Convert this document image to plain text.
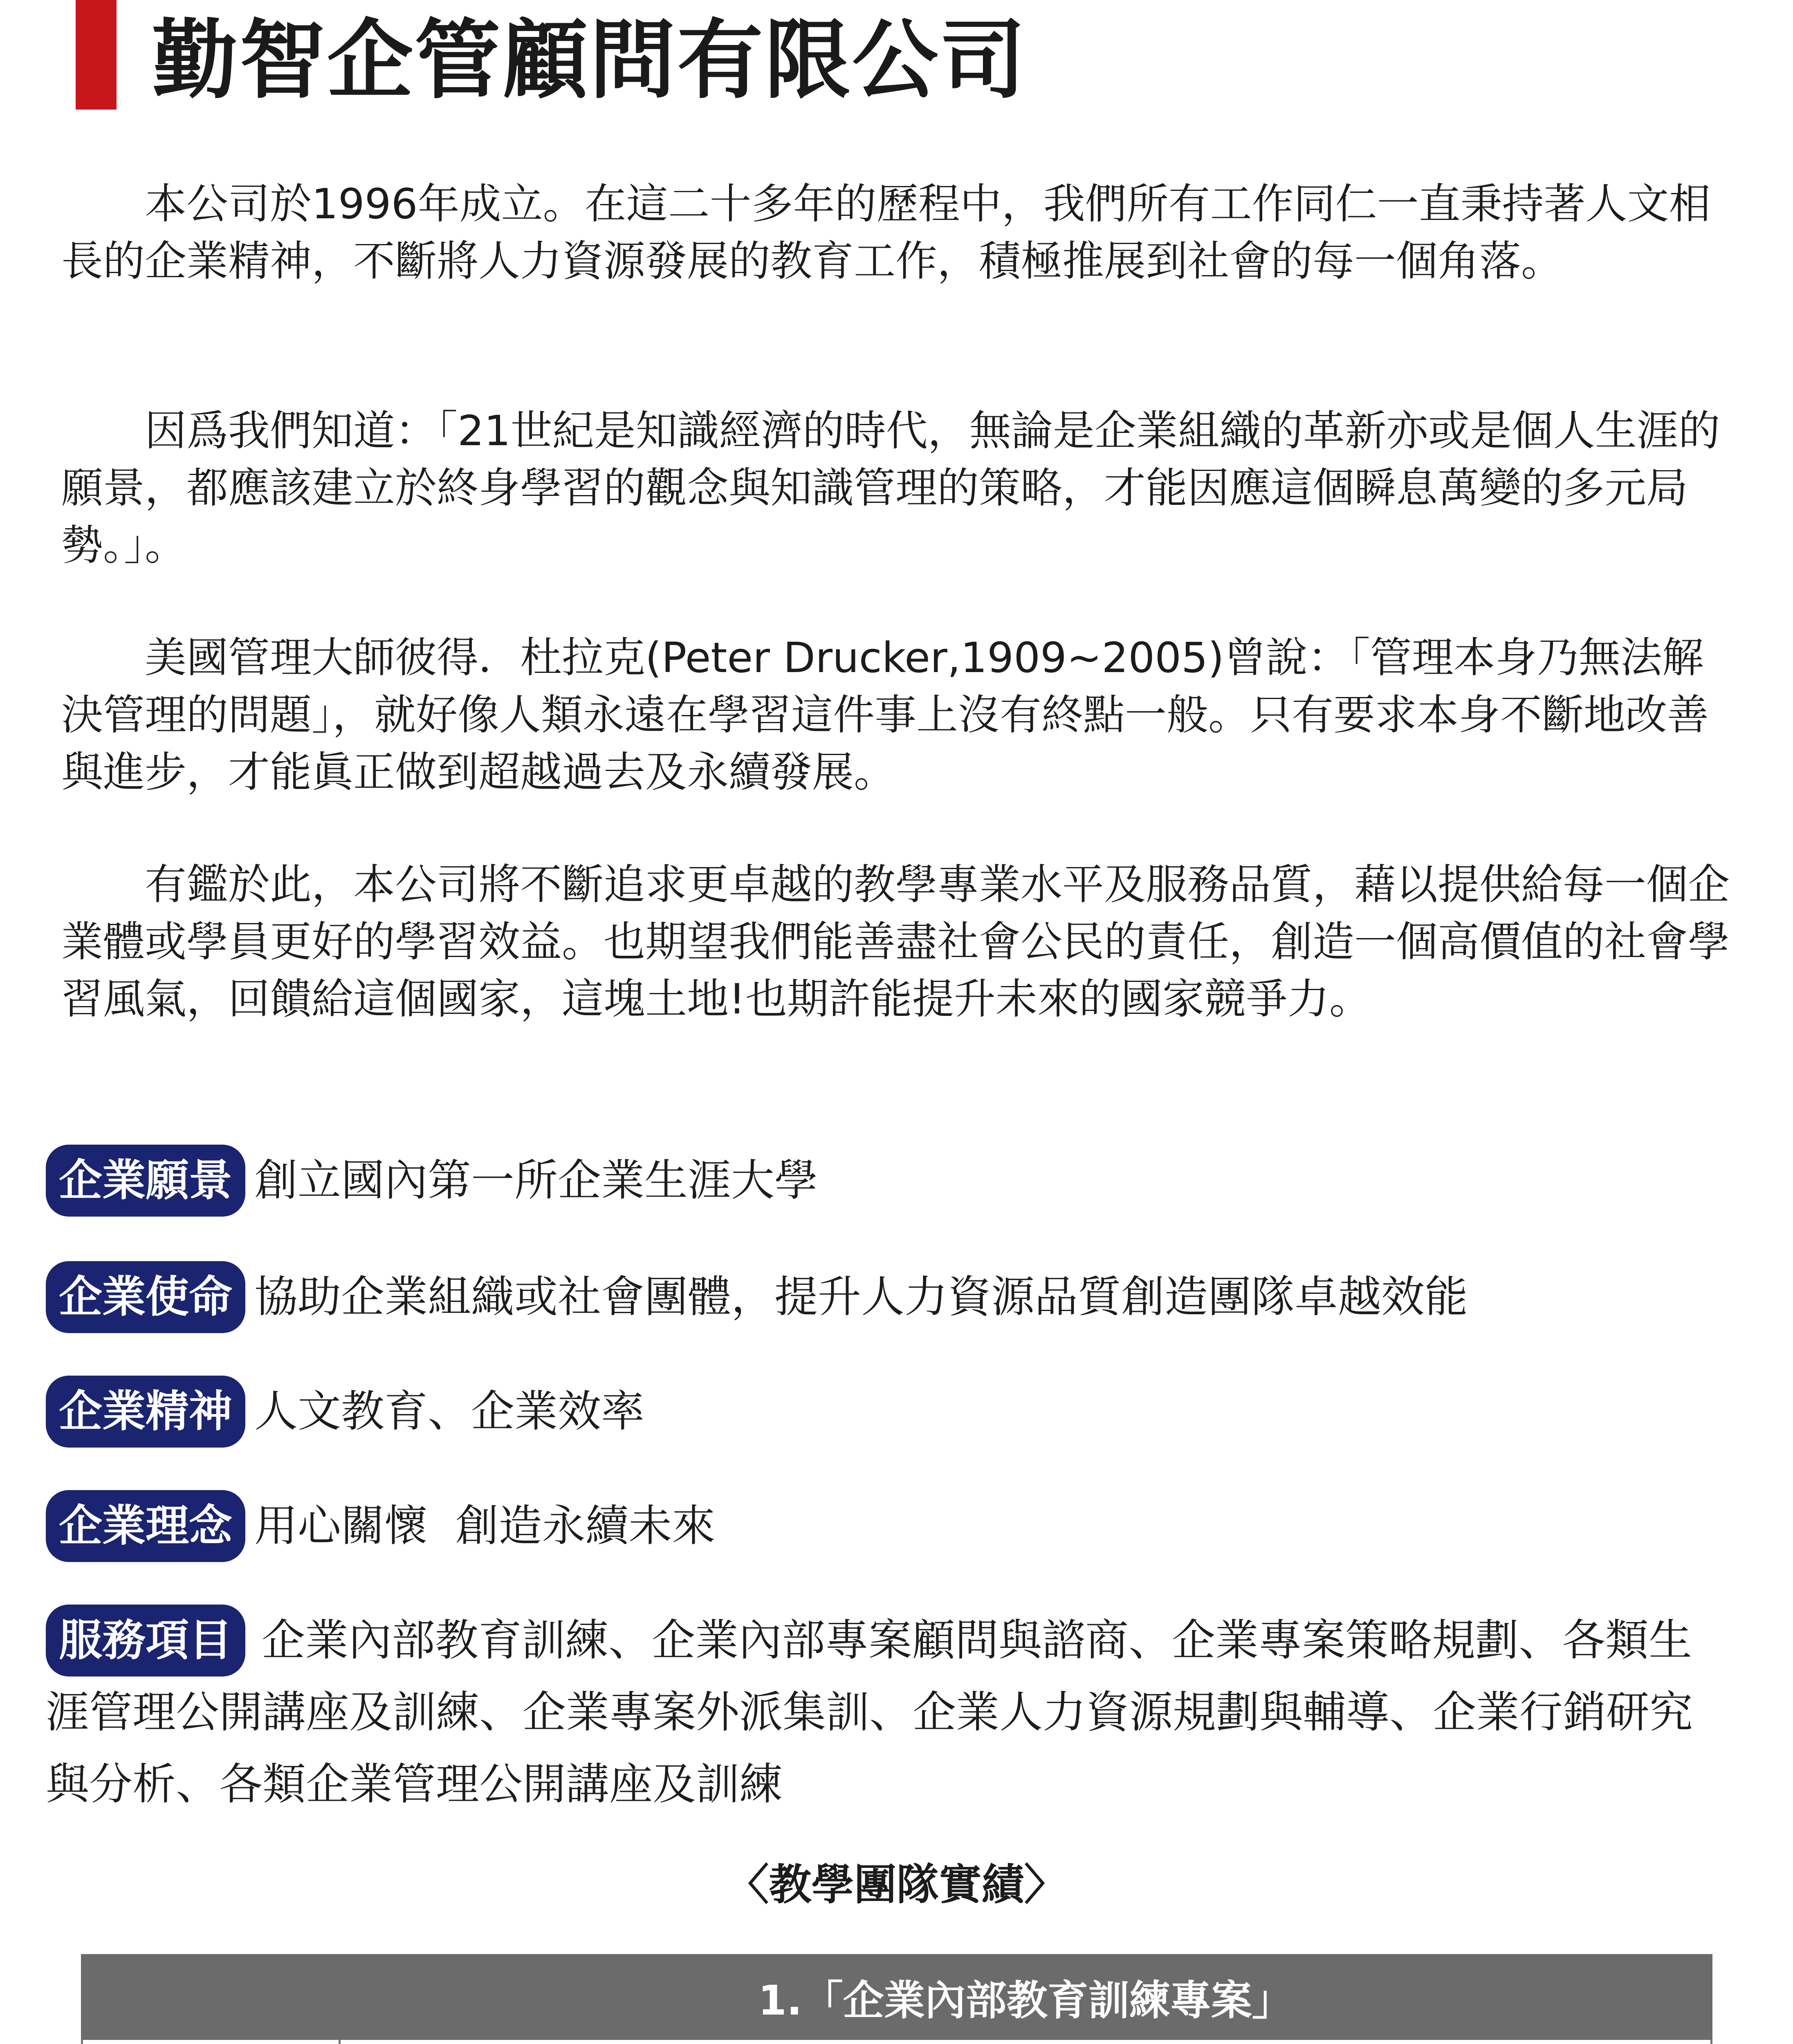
勤智企管顧問有限公司

本公司於1996年成立。在這二十多年的歷程中，我們所有工作同仁一直秉持著人文相長的企業精神，不斷將人力資源發展的教育工作，積極推展到社會的每一個角落。

因爲我們知道：「21世紀是知識經濟的時代，無論是企業組織的革新亦或是個人生涯的願景，都應該建立於終身學習的觀念與知識管理的策略，才能因應這個瞬息萬變的多元局勢。」。

美國管理大師彼得．杜拉克(Peter Drucker,1909~2005)曾說：「管理本身乃無法解決管理的問題」，就好像人類永遠在學習這件事上沒有終點一般。只有要求本身不斷地改善與進步，才能眞正做到超越過去及永續發展。

有鑑於此，本公司將不斷追求更卓越的教學專業水平及服務品質，藉以提供給每一個企業體或學員更好的學習效益。也期望我們能善盡社會公民的責任，創造一個高價值的社會學習風氣，回饋給這個國家，這塊土地!也期許能提升未來的國家競爭力。

企業願景 創立國內第一所企業生涯大學
企業使命 協助企業組織或社會團體，提升人力資源品質創造團隊卓越效能
企業精神 人文教育、企業效率
企業理念 用心關懷  創造永續未來
服務項目 企業內部教育訓練、企業內部專案顧問與諮商、企業專案策略規劃、各類生涯管理公開講座及訓練、企業專案外派集訓、企業人力資源規劃與輔導、企業行銷研究與分析、各類企業管理公開講座及訓練
〈教學團隊實績〉
	1.「企業內部教育訓練專案」
